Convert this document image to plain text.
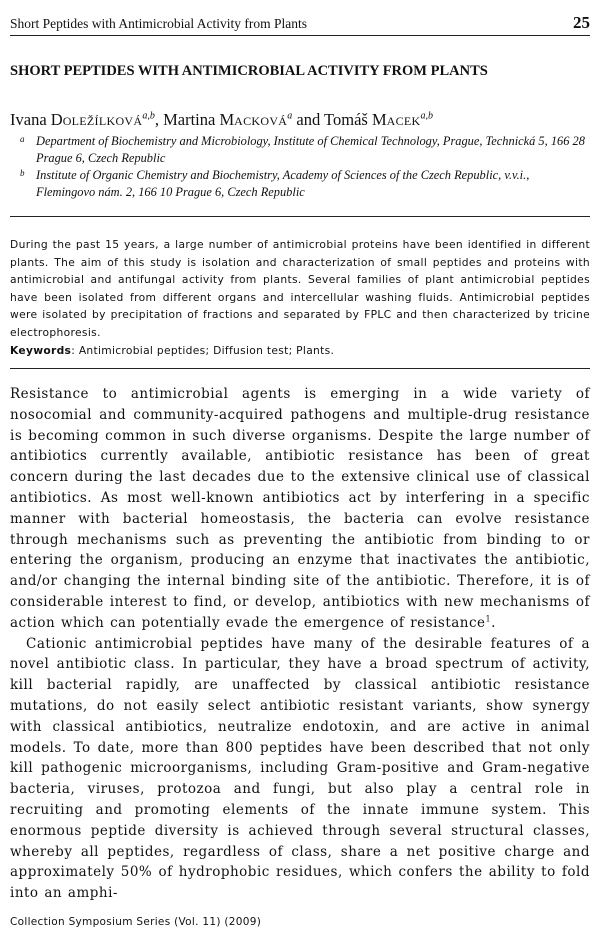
Short Peptides with Antimicrobial Activity from Plants	25
SHORT PEPTIDES WITH ANTIMICROBIAL ACTIVITY FROM PLANTS
Ivana DOLEŽÍLKOVÁ$^{a,b}$, Martina MACKOVÁ$^a$ and Tomáš MACEK$^{a,b}$
a Department of Biochemistry and Microbiology, Institute of Chemical Technology, Prague, Technická 5, 166 28 Prague 6, Czech Republic
b Institute of Organic Chemistry and Biochemistry, Academy of Sciences of the Czech Republic, v.v.i., Flemingovo nám. 2, 166 10 Prague 6, Czech Republic
During the past 15 years, a large number of antimicrobial proteins have been identified in different plants. The aim of this study is isolation and characterization of small peptides and proteins with antimicrobial and antifungal activity from plants. Several families of plant antimicrobial peptides have been isolated from different organs and intercellular washing fluids. Antimicrobial peptides were isolated by precipitation of fractions and separated by FPLC and then characterized by tricine electrophoresis.
Keywords: Antimicrobial peptides; Diffusion test; Plants.

Resistance to antimicrobial agents is emerging in a wide variety of nosocomial and community-acquired pathogens and multiple-drug resistance is becoming common in such diverse organisms. Despite the large number of antibiotics currently available, antibiotic resistance has been of great concern during the last decades due to the extensive clinical use of classical antibiotics. As most well-known antibiotics act by interfering in a specific manner with bacterial homeostasis, the bacteria can evolve resistance through mechanisms such as preventing the antibiotic from binding to or entering the organism, producing an enzyme that inactivates the antibiotic, and/or changing the internal binding site of the antibiotic. Therefore, it is of considerable interest to find, or develop, antibiotics with new mechanisms of action which can potentially evade the emergence of resistance$^1$.

Cationic antimicrobial peptides have many of the desirable features of a novel antibiotic class. In particular, they have a broad spectrum of activity, kill bacterial rapidly, are unaffected by classical antibiotic resistance mutations, do not easily select antibiotic resistant variants, show synergy with classical antibiotics, neutralize endotoxin, and are active in animal models. To date, more than 800 peptides have been described that not only kill pathogenic microorganisms, including Gram-positive and Gram-negative bacteria, viruses, protozoa and fungi, but also play a central role in recruiting and promoting elements of the innate immune system. This enormous peptide diversity is achieved through several structural classes, whereby all peptides, regardless of class, share a net positive charge and approximately 50% of hydrophobic residues, which confers the ability to fold into an amphi-

Collection Symposium Series (Vol. 11) (2009)
